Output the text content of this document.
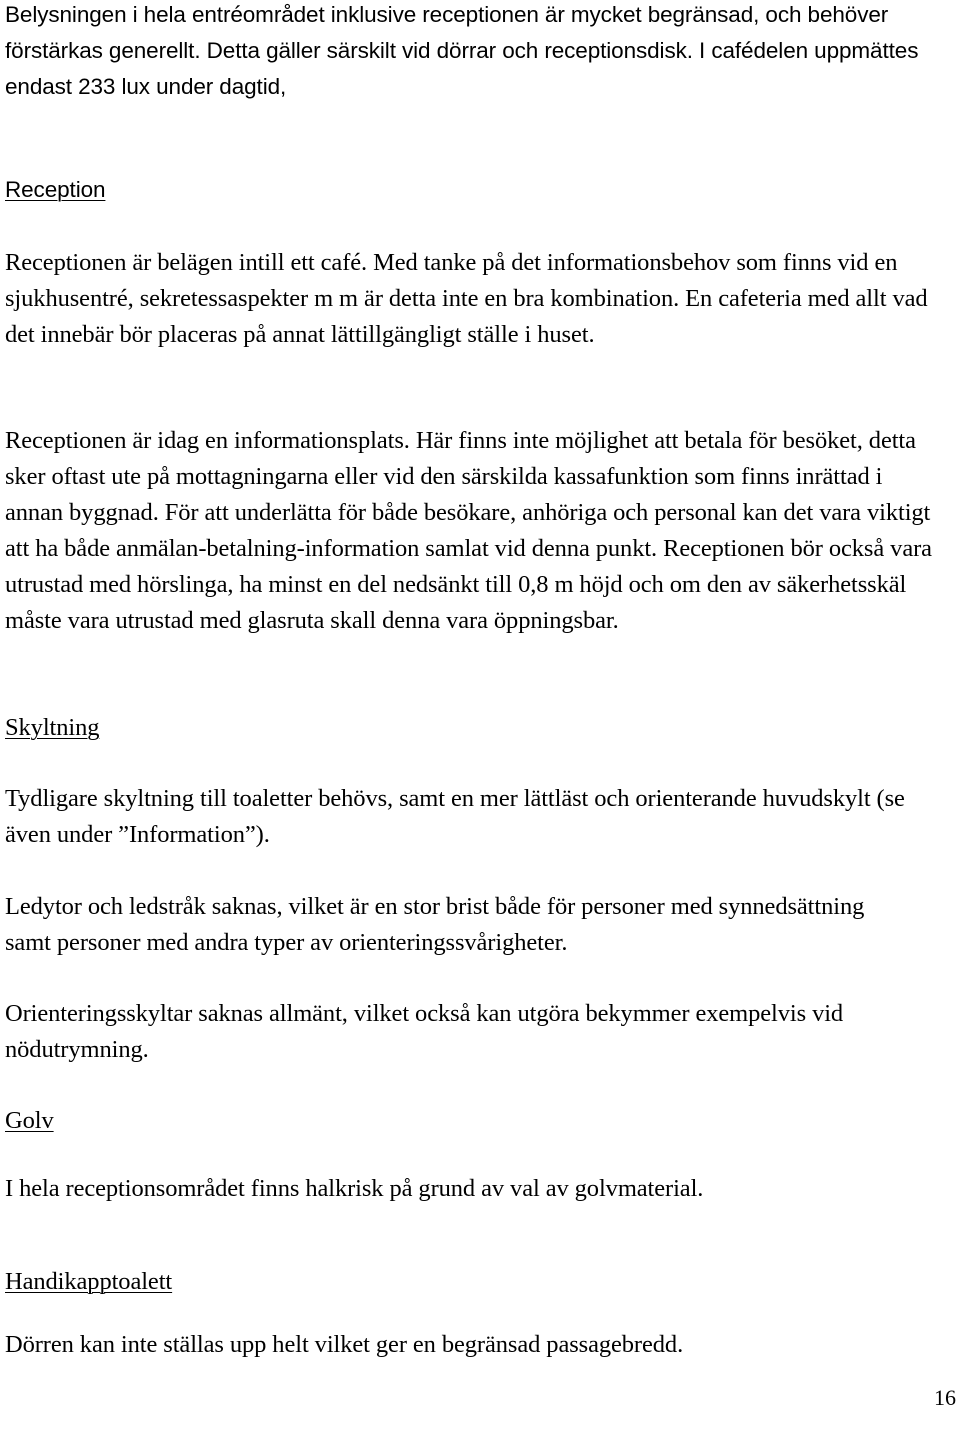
Belysningen i hela entréområdet inklusive receptionen är mycket begränsad, och behöver förstärkas generellt. Detta gäller särskilt vid dörrar och receptionsdisk. I cafédelen uppmättes endast 233 lux under dagtid,

Reception

Receptionen är belägen intill ett café. Med tanke på det informationsbehov som finns vid en sjukhusentré, sekretessaspekter m m är detta inte en bra kombination. En cafeteria med allt vad det innebär bör placeras på annat lättillgängligt ställe i huset.

Receptionen är idag en informationsplats. Här finns inte möjlighet att betala för besöket, detta sker oftast ute på mottagningarna eller vid den särskilda kassafunktion som finns inrättad i annan byggnad. För att underlätta för både besökare, anhöriga och personal kan det vara viktigt att ha både anmälan-betalning-information samlat vid denna punkt. Receptionen bör också vara utrustad med hörslinga, ha minst en del nedsänkt till 0,8 m höjd och om den av säkerhetsskäl måste vara utrustad med glasruta skall denna vara öppningsbar.

Skyltning

Tydligare skyltning till toaletter behövs, samt en mer lättläst och orienterande huvudskylt (se även under ”Information”).

Ledytor och ledstråk saknas, vilket är en stor brist både för personer med synnedsättning samt personer med andra typer av orienteringssvårigheter.

Orienteringsskyltar saknas allmänt, vilket också kan utgöra bekymmer exempelvis vid nödutrymning.

Golv

I hela receptionsområdet finns halkrisk på grund av val av golvmaterial.

Handikapptoalett

Dörren kan inte ställas upp helt vilket ger en begränsad passagebredd.

16
